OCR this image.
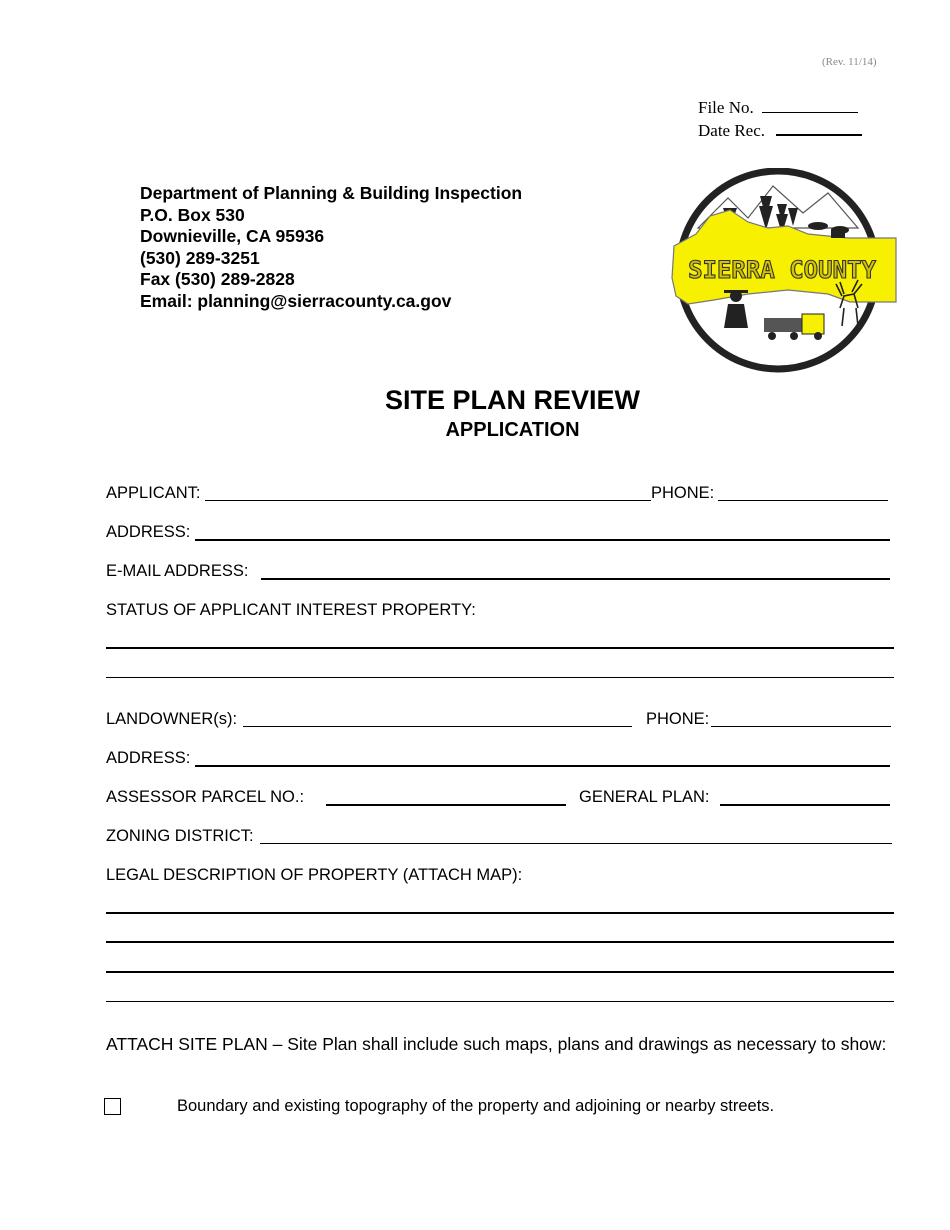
(Rev. 11/14)
File No.
Date Rec.
Department of Planning & Building Inspection
P.O. Box 530
Downieville, CA 95936
(530) 289-3251
Fax (530) 289-2828
Email: planning@sierracounty.ca.gov
SIERRA COUNTY
SITE PLAN REVIEW
APPLICATION
APPLICANT:	PHONE:
ADDRESS:
E-MAIL ADDRESS:
STATUS OF APPLICANT INTEREST PROPERTY:
LANDOWNER(s):	PHONE:
ADDRESS:
ASSESSOR PARCEL NO.:	GENERAL PLAN:
ZONING DISTRICT:
LEGAL DESCRIPTION OF PROPERTY (ATTACH MAP):
ATTACH SITE PLAN – Site Plan shall include such maps, plans and drawings as necessary to show:
Boundary and existing topography of the property and adjoining or nearby streets.
